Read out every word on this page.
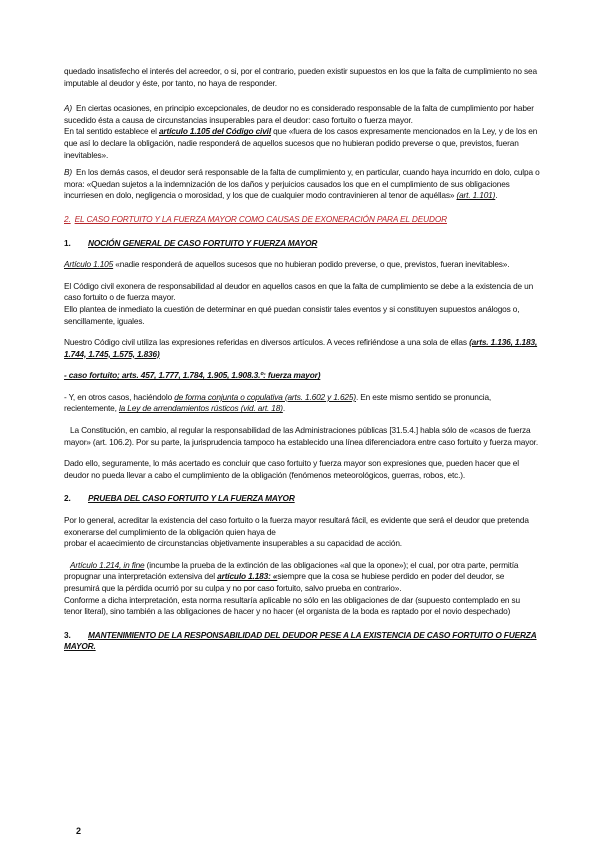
quedado insatisfecho el interés del acreedor, o si, por el contrario, pueden existir supuestos en los que la falta de cumplimiento no sea imputable al deudor y éste, por tanto, no haya de responder.

A) En ciertas ocasiones, en principio excepcionales, de deudor no es considerado responsable de la falta de cumplimiento por haber sucedido ésta a causa de circunstancias insuperables para el deudor: caso fortuito o fuerza mayor.

En tal sentido establece el artículo 1.105 del Código civil que «fuera de los casos expresamente mencionados en la Ley, y de los en que así lo declare la obligación, nadie responderá de aquellos sucesos que no hubieran podido preverse o que, previstos, fueran inevitables».

B) En los demás casos, el deudor será responsable de la falta de cumplimiento y, en particular, cuando haya incurrido en dolo, culpa o mora: «Quedan sujetos a la indemnización de los daños y perjuicios causados los que en el cumplimiento de sus obligaciones incurriesen en dolo, negligencia o morosidad, y los que de cualquier modo contravinieren al tenor de aquéllas» (art. 1.101).

2. EL CASO FORTUITO Y LA FUERZA MAYOR COMO CAUSAS DE EXONERACIÓN PARA EL DEUDOR

1. NOCIÓN GENERAL DE CASO FORTUITO Y FUERZA MAYOR

Artículo 1.105 «nadie responderá de aquellos sucesos que no hubieran podido preverse, o que, previstos, fueran inevitables».

El Código civil exonera de responsabilidad al deudor en aquellos casos en que la falta de cumplimiento se debe a la existencia de un caso fortuito o de fuerza mayor.

Ello plantea de inmediato la cuestión de determinar en qué puedan consistir tales eventos y si constituyen supuestos análogos o, sencillamente, iguales.

Nuestro Código civil utiliza las expresiones referidas en diversos artículos. A veces refiriéndose a una sola de ellas (arts. 1.136, 1.183, 1.744, 1.745, 1.575, 1.836)

- caso fortuito; arts. 457, 1.777, 1.784, 1.905, 1.908.3.º: fuerza mayor)

- Y, en otros casos, haciéndolo de forma conjunta o copulativa (arts. 1.602 y 1.625). En este mismo sentido se pronuncia, recientemente, la Ley de arrendamientos rústicos (vid. art. 18).

La Constitución, en cambio, al regular la responsabilidad de las Administraciones públicas [31.5.4.] habla sólo de «casos de fuerza mayor» (art. 106.2). Por su parte, la jurisprudencia tampoco ha establecido una línea diferenciadora entre caso fortuito y fuerza mayor.

Dado ello, seguramente, lo más acertado es concluir que caso fortuito y fuerza mayor son expresiones que, pueden hacer que el deudor no pueda llevar a cabo el cumplimiento de la obligación (fenómenos meteorológicos, guerras, robos, etc.).

2. PRUEBA DEL CASO FORTUITO Y LA FUERZA MAYOR

Por lo general, acreditar la existencia del caso fortuito o la fuerza mayor resultará fácil, es evidente que será el deudor que pretenda exonerarse del cumplimiento de la obligación quien haya de

probar el acaecimiento de circunstancias objetivamente insuperables a su capacidad de acción.

Artículo 1.214, in fine (incumbe la prueba de la extinción de las obligaciones «al que la opone»); el cual, por otra parte, permitía propugnar una interpretación extensiva del artículo 1.183: «siempre que la cosa se hubiese perdido en poder del deudor, se presumirá que la pérdida ocurrió por su culpa y no por caso fortuito, salvo prueba en contrario».

Conforme a dicha interpretación, esta norma resultaría aplicable no sólo en las obligaciones de dar (supuesto contemplado en su tenor literal), sino también a las obligaciones de hacer y no hacer (el organista de la boda es raptado por el novio despechado)

3. MANTENIMIENTO DE LA RESPONSABILIDAD DEL DEUDOR PESE A LA EXISTENCIA DE CASO FORTUITO O FUERZA MAYOR.

2
